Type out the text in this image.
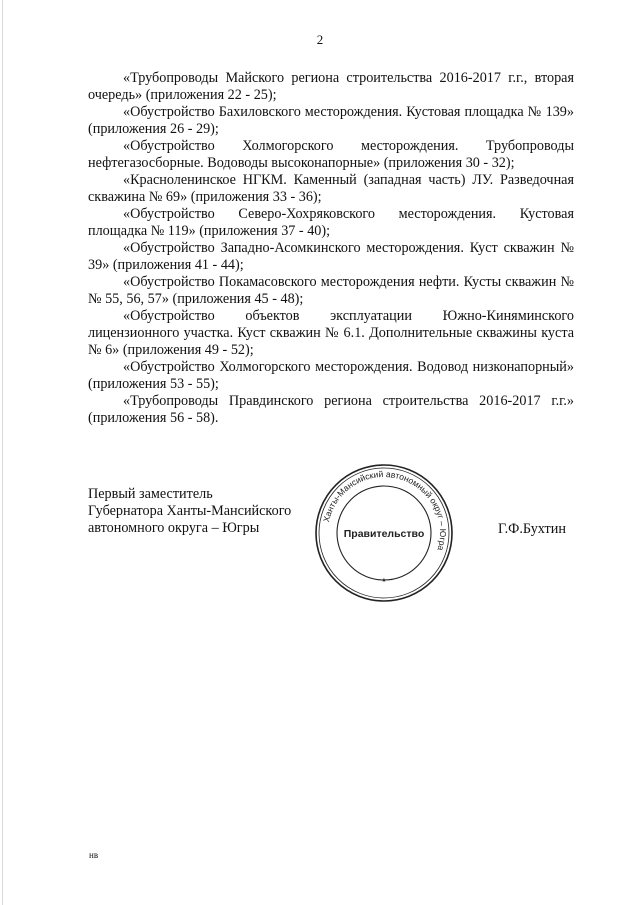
2
«Трубопроводы Майского региона строительства 2016-2017 г.г., вторая очередь» (приложения 22 - 25);
«Обустройство Бахиловского месторождения. Кустовая площадка № 139» (приложения 26 - 29);
«Обустройство Холмогорского месторождения. Трубопроводы нефтегазосборные. Водоводы высоконапорные» (приложения 30 - 32);
«Красноленинское НГКМ. Каменный (западная часть) ЛУ. Разведочная скважина № 69» (приложения 33 - 36);
«Обустройство Северо-Хохряковского месторождения. Кустовая площадка № 119» (приложения 37 - 40);
«Обустройство Западно-Асомкинского месторождения. Куст скважин № 39» (приложения 41 - 44);
«Обустройство Покамасовского месторождения нефти. Кусты скважин №№ 55, 56, 57» (приложения 45 - 48);
«Обустройство объектов эксплуатации Южно-Киняминского лицензионного участка. Куст скважин № 6.1. Дополнительные скважины куста № 6» (приложения 49 - 52);
«Обустройство Холмогорского месторождения. Водовод низконапорный» (приложения 53 - 55);
«Трубопроводы Правдинского региона строительства 2016-2017 г.г.» (приложения 56 - 58).
Первый заместитель
Губернатора Ханты-Мансийского
автономного округа – Югры
Ханты-Мансийский автономный округ – Югра
Правительство
★
Г.Ф.Бухтин
нв
